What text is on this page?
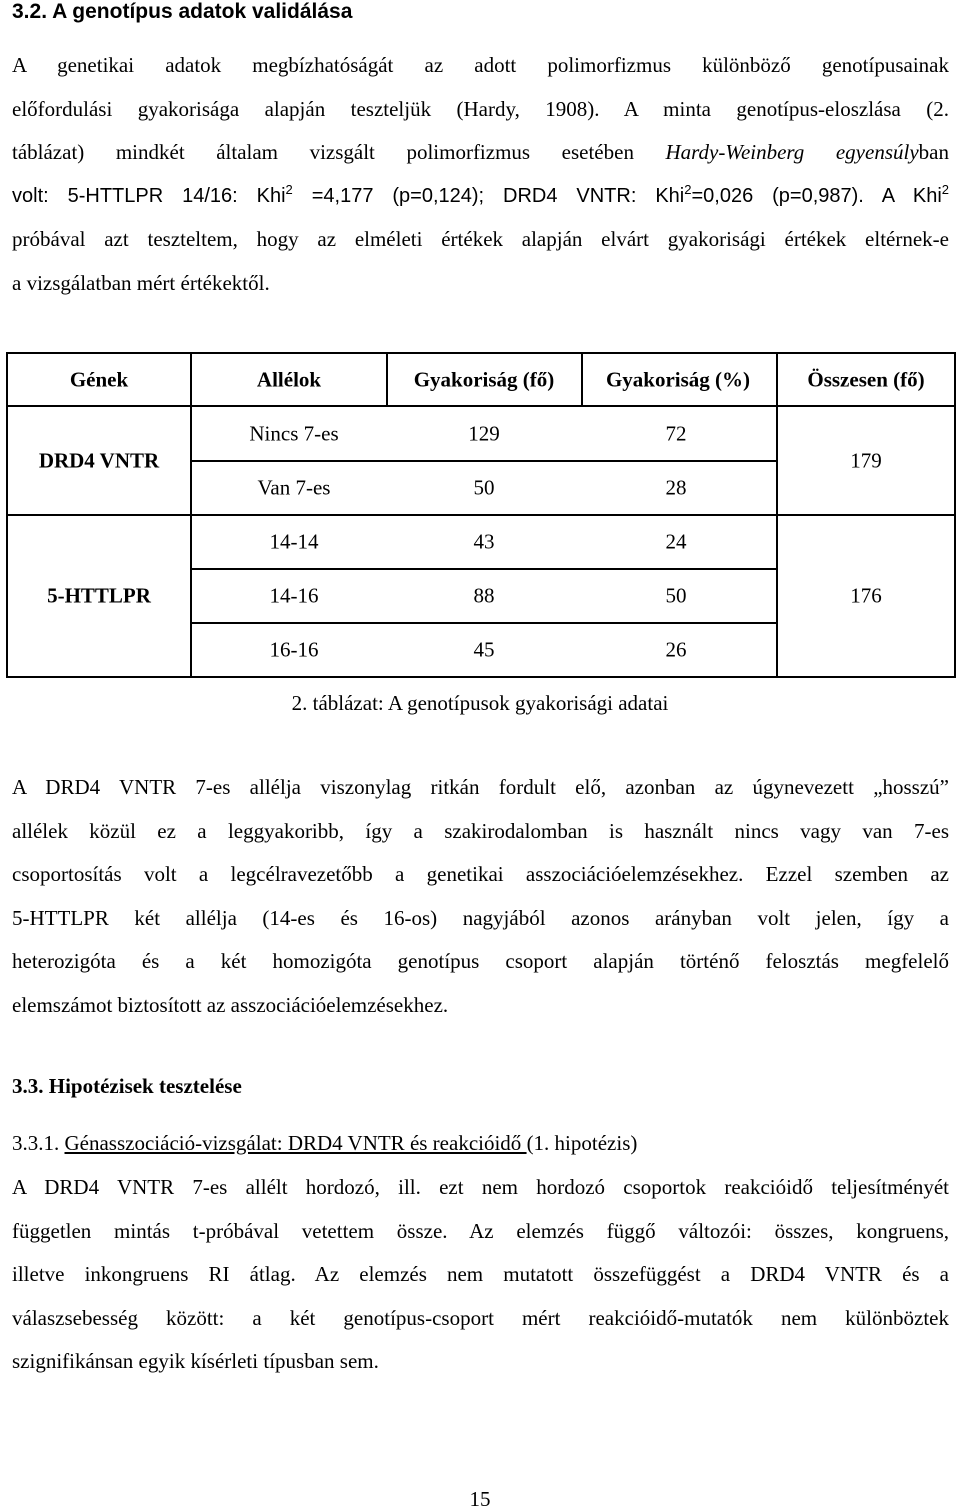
3.2. A genotípus adatok validálása
A genetikai adatok megbízhatóságát az adott polimorfizmus különböző genotípusainak
előfordulási gyakorisága alapján teszteljük (Hardy, 1908). A minta genotípus-eloszlása (2.
táblázat) mindkét általam vizsgált polimorfizmus esetében Hardy-Weinberg egyensúlyban
volt: 5-HTTLPR 14/16: Khi$^2$ =4,177 (p=0,124); DRD4 VNTR: Khi$^2$=0,026 (p=0,987). A Khi$^2$
próbával azt teszteltem, hogy az elméleti értékek alapján elvárt gyakorisági értékek eltérnek-e
a vizsgálatban mért értékektől.
Gének	Allélok	Gyakoriság (fő) Gyakoriság (%)	Összesen (fő)
DRD4 VNTR	179
Nincs 7-es	129	72
Van 7-es	50	28
5-HTTLPR	176
14-14	43	24
14-16	88	50
16-16	45	26
2. táblázat: A genotípusok gyakorisági adatai
A DRD4 VNTR 7-es allélja viszonylag ritkán fordult elő, azonban az úgynevezett „hosszú”
allélek közül ez a leggyakoribb, így a szakirodalomban is használt nincs vagy van 7-es
csoportosítás volt a legcélravezetőbb a genetikai asszociációelemzésekhez. Ezzel szemben az
5-HTTLPR két allélja (14-es és 16-os) nagyjából azonos arányban volt jelen, így a
heterozigóta és a két homozigóta genotípus csoport alapján történő felosztás megfelelő
elemszámot biztosított az asszociációelemzésekhez.
3.3. Hipotézisek tesztelése
3.3.1. Génasszociáció-vizsgálat: DRD4 VNTR és reakcióidő (1. hipotézis)
A DRD4 VNTR 7-es allélt hordozó, ill. ezt nem hordozó csoportok reakcióidő teljesítményét
független mintás t-próbával vetettem össze. Az elemzés függő változói: összes, kongruens,
illetve inkongruens RI átlag. Az elemzés nem mutatott összefüggést a DRD4 VNTR és a
válaszsebesség között: a két genotípus-csoport mért reakcióidő-mutatók nem különböztek
szignifikánsan egyik kísérleti típusban sem.
15
